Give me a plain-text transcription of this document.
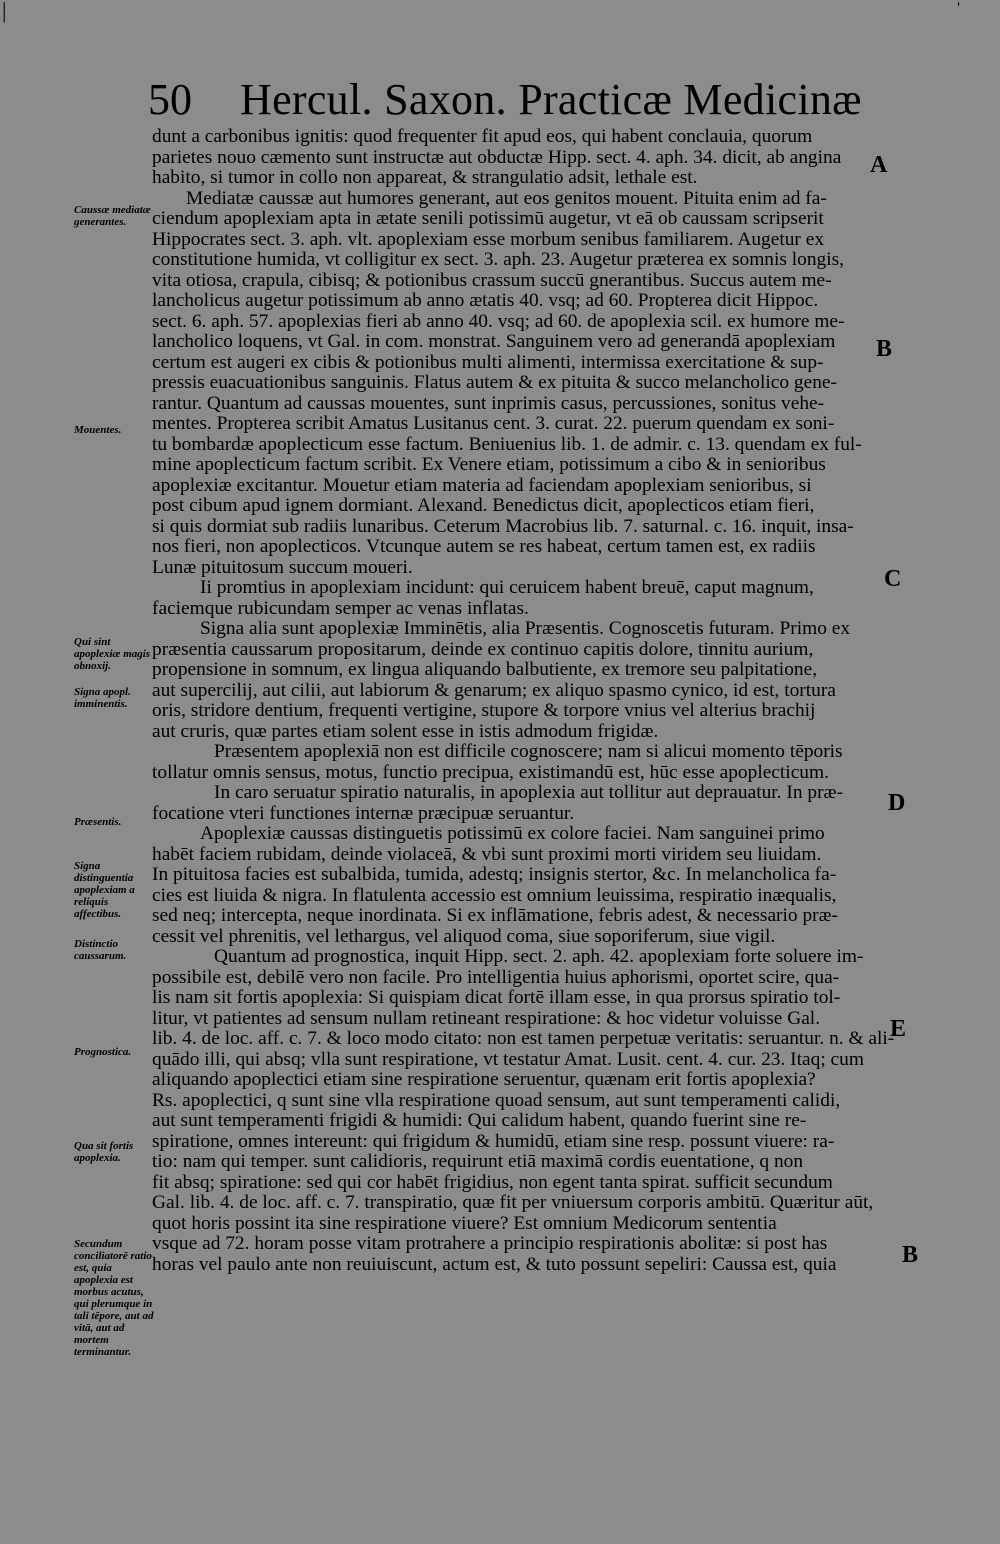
|	'
50 Hercul. Saxon. Practicæ Medicinæ
dunt a carbonibus ignitis: quod frequenter fit apud eos, qui habent conclauia, quorum
parietes nouo cæmento sunt instructæ aut obductæ Hipp. sect. 4. aph. 34. dicit, ab angina
habito, si tumor in collo non appareat, & strangulatio adsit, lethale est.
Mediatæ caussæ aut humores generant, aut eos genitos mouent. Pituita enim ad fa-
ciendum apoplexiam apta in ætate senili potissimū augetur, vt eā ob caussam scripserit
Hippocrates sect. 3. aph. vlt. apoplexiam esse morbum senibus familiarem. Augetur ex
constitutione humida, vt colligitur ex sect. 3. aph. 23. Augetur præterea ex somnis longis,
vita otiosa, crapula, cibisq; & potionibus crassum succū gnerantibus. Succus autem me-
lancholicus augetur potissimum ab anno ætatis 40. vsq; ad 60. Propterea dicit Hippoc.
sect. 6. aph. 57. apoplexias fieri ab anno 40. vsq; ad 60. de apoplexia scil. ex humore me-
lancholico loquens, vt Gal. in com. monstrat. Sanguinem vero ad generandā apoplexiam
certum est augeri ex cibis & potionibus multi alimenti, intermissa exercitatione & sup-
pressis euacuationibus sanguinis. Flatus autem & ex pituita & succo melancholico gene-
rantur. Quantum ad caussas mouentes, sunt inprimis casus, percussiones, sonitus vehe-
mentes. Propterea scribit Amatus Lusitanus cent. 3. curat. 22. puerum quendam ex soni-
tu bombardæ apoplecticum esse factum. Beniuenius lib. 1. de admir. c. 13. quendam ex ful-
mine apoplecticum factum scribit. Ex Venere etiam, potissimum a cibo & in senioribus
apoplexiæ excitantur. Mouetur etiam materia ad faciendam apoplexiam senioribus, si
post cibum apud ignem dormiant. Alexand. Benedictus dicit, apoplecticos etiam fieri,
si quis dormiat sub radiis lunaribus. Ceterum Macrobius lib. 7. saturnal. c. 16. inquit, insa-
nos fieri, non apoplecticos. Vtcunque autem se res habeat, certum tamen est, ex radiis
Lunæ pituitosum succum moueri.
Ii promtius in apoplexiam incidunt: qui ceruicem habent breuē, caput magnum,
faciemque rubicundam semper ac venas inflatas.
Signa alia sunt apoplexiæ Imminētis, alia Præsentis. Cognoscetis futuram. Primo ex
præsentia caussarum propositarum, deinde ex continuo capitis dolore, tinnitu aurium,
propensione in somnum, ex lingua aliquando balbutiente, ex tremore seu palpitatione,
aut supercilij, aut cilii, aut labiorum & genarum; ex aliquo spasmo cynico, id est, tortura
oris, stridore dentium, frequenti vertigine, stupore & torpore vnius vel alterius brachij
aut cruris, quæ partes etiam solent esse in istis admodum frigidæ.
Præsentem apoplexiā non est difficile cognoscere; nam si alicui momento tēporis
tollatur omnis sensus, motus, functio precipua, existimandū est, hūc esse apoplecticum.
In caro seruatur spiratio naturalis, in apoplexia aut tollitur aut deprauatur. In præ-
focatione vteri functiones internæ præcipuæ seruantur.
Apoplexiæ caussas distinguetis potissimū ex colore faciei. Nam sanguinei primo
habēt faciem rubidam, deinde violaceā, & vbi sunt proximi morti viridem seu liuidam.
In pituitosa facies est subalbida, tumida, adestq; insignis stertor, &c. In melancholica fa-
cies est liuida & nigra. In flatulenta accessio est omnium leuissima, respiratio inæqualis,
sed neq; intercepta, neque inordinata. Si ex inflāmatione, febris adest, & necessario præ-
cessit vel phrenitis, vel lethargus, vel aliquod coma, siue soporiferum, siue vigil.
Quantum ad prognostica, inquit Hipp. sect. 2. aph. 42. apoplexiam forte soluere im-
possibile est, debilē vero non facile. Pro intelligentia huius aphorismi, oportet scire, qua-
lis nam sit fortis apoplexia: Si quispiam dicat fortē illam esse, in qua prorsus spiratio tol-
litur, vt patientes ad sensum nullam retineant respiratione: & hoc videtur voluisse Gal.
lib. 4. de loc. aff. c. 7. & loco modo citato: non est tamen perpetuæ veritatis: seruantur. n. & ali-
quādo illi, qui absq; vlla sunt respiratione, vt testatur Amat. Lusit. cent. 4. cur. 23. Itaq; cum
aliquando apoplectici etiam sine respiratione seruentur, quænam erit fortis apoplexia?
Rs. apoplectici, q sunt sine vlla respiratione quoad sensum, aut sunt temperamenti calidi,
aut sunt temperamenti frigidi & humidi: Qui calidum habent, quando fuerint sine re-
spiratione, omnes intereunt: qui frigidum & humidū, etiam sine resp. possunt viuere: ra-
tio: nam qui temper. sunt calidioris, requirunt etiā maximā cordis euentatione, q non
fit absq; spiratione: sed qui cor habēt frigidius, non egent tanta spirat. sufficit secundum
Gal. lib. 4. de loc. aff. c. 7. transpiratio, quæ fit per vniuersum corporis ambitū. Quæritur aūt,
quot horis possint ita sine respiratione viuere? Est omnium Medicorum sententia
vsque ad 72. horam posse vitam protrahere a principio respirationis abolitæ: si post has
horas vel paulo ante non reuiuiscunt, actum est, & tuto possunt sepeliri: Caussa est, quia
Caussæ mediatæ generantes.
Mouentes.
Qui sint apoplexiæ magis obnoxij.
Signa apopl. imminentis.
Præsentis.
Signa distinguentia apoplexiam a reliquis affectibus.
Distinctio caussarum.
Prognostica.
Qua sit fortis apoplexia.
Secundum conciliatorē ratio est, quia apoplexia est morbus acutus, qui plerumque in tali tēpore, aut ad vitā, aut ad mortem terminantur.
A
B
C
D
E
B
